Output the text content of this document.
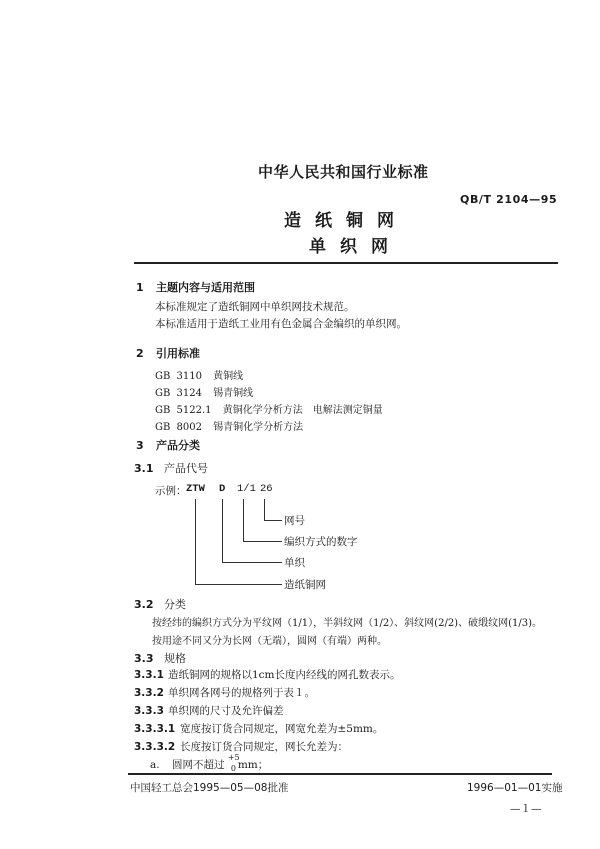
中华人民共和国行业标准
QB/T 2104—95
造纸铜网
单织网
1 主题内容与适用范围
本标准规定了造纸铜网中单织网技术规范。
本标准适用于造纸工业用有色金属合金编织的单织网。
2 引用标准
GB 3110 黄铜线
GB 3124 锡青铜线
GB 5122.1 黄铜化学分析方法　电解法测定铜量
GB 8002 锡青铜化学分析方法
3 产品分类
3.1 产品代号
示例： ZTW D 1/1 26
网号
编织方式的数字
单织
造纸铜网
3.2 分类
按经纬的编织方式分为平纹网（1/1），半斜纹网（1/2）、斜纹网(2/2)、破缎纹网(1/3)。
按用途不同又分为长网（无端），圆网（有端）两种。
3.3 规格
3.3.1 造纸铜网的规格以1cm长度内经线的网孔数表示。
3.3.2 单织网各网号的规格列于表１。
3.3.3 单织网的尺寸及允许偏差
3.3.3.1 宽度按订货合同规定，网宽允差为±5mm。
3.3.3.2 长度按订货合同规定，网长允差为：
a. 圆网不超过
+5
0 mm；
中国轻工总会1995—05—08批准	1996—01—01实施
—１—
